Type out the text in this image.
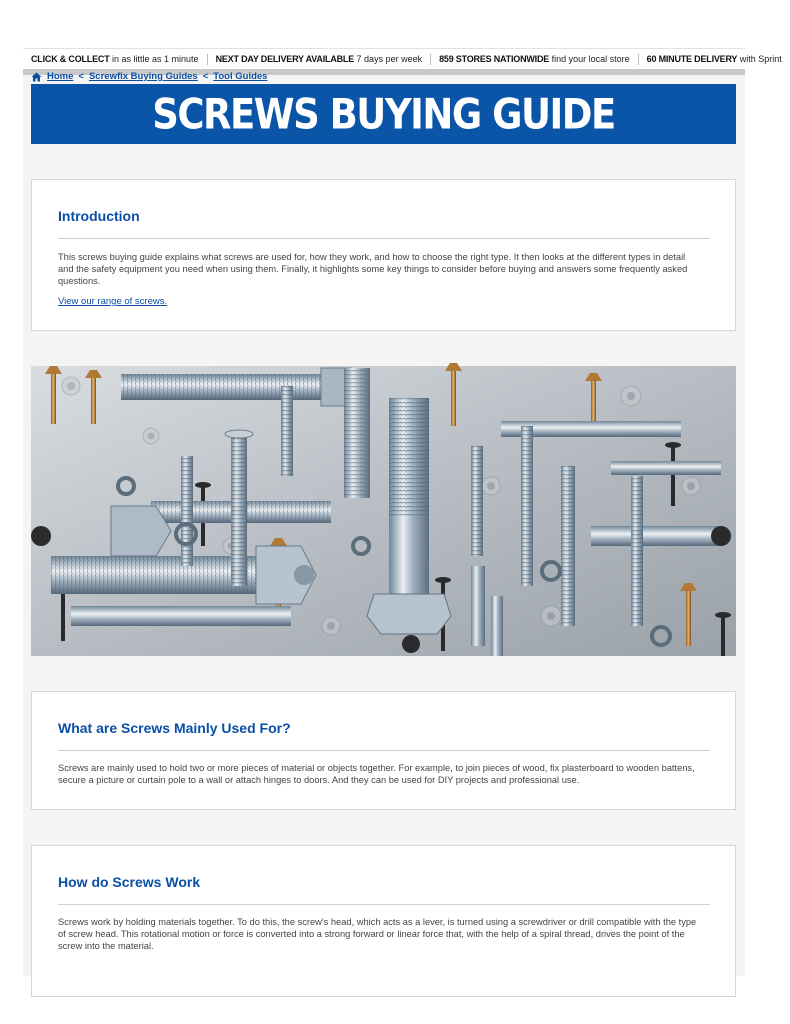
CLICK & COLLECT in as little as 1 minute	NEXT DAY DELIVERY AVAILABLE 7 days per week	859 STORES NATIONWIDE find your local store	60 MINUTE DELIVERY with Sprint
Home < Screwfix Buying Guides < Tool Guides
SCREWS BUYING GUIDE
Introduction

This screws buying guide explains what screws are used for, how they work, and how to choose the right type. It then looks at the different types in detail and the safety equipment you need when using them. Finally, it highlights some key things to consider before buying and answers some frequently asked questions.

View our range of screws.
What are Screws Mainly Used For?

Screws are mainly used to hold two or more pieces of material or objects together. For example, to join pieces of wood, fix plasterboard to wooden battens, secure a picture or curtain pole to a wall or attach hinges to doors. And they can be used for DIY projects and professional use.

How do Screws Work

Screws work by holding materials together. To do this, the screw's head, which acts as a lever, is turned using a screwdriver or drill compatible with the type of screw head. This rotational motion or force is converted into a strong forward or linear force that, with the help of a spiral thread, drives the point of the screw into the material.
